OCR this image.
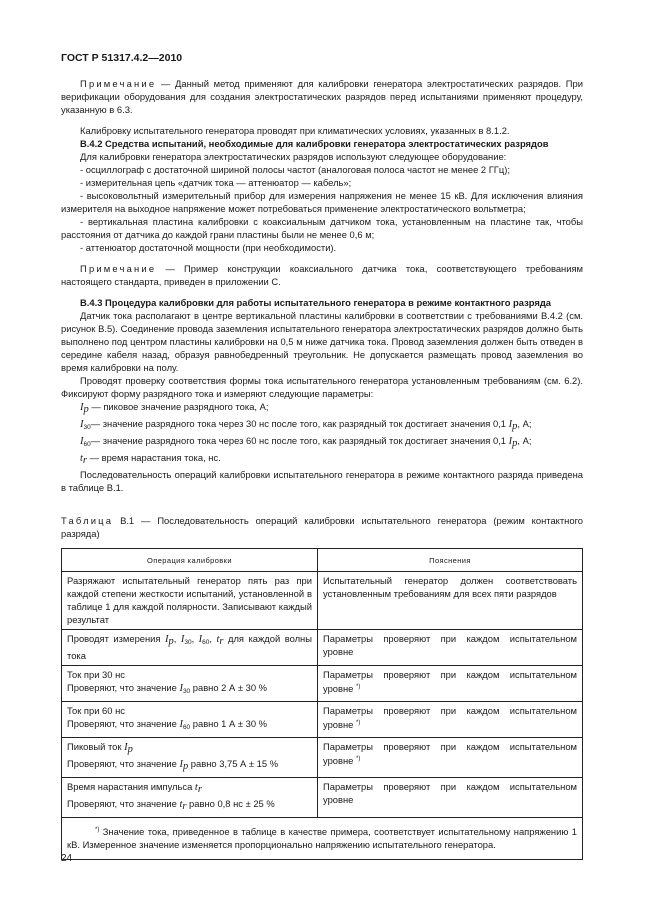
ГОСТ Р 51317.4.2—2010

Примечание — Данный метод применяют для калибровки генератора электростатических разрядов. При верификации оборудования для создания электростатических разрядов перед испытаниями применяют процедуру, указанную в 6.3.

Калибровку испытательного генератора проводят при климатических условиях, указанных в 8.1.2.

В.4.2 Средства испытаний, необходимые для калибровки генератора электростатических разрядов

Для калибровки генератора электростатических разрядов используют следующее оборудование:

- осциллограф с достаточной шириной полосы частот (аналоговая полоса частот не менее 2 ГГц);

- измерительная цепь «датчик тока — аттенюатор — кабель»;

- высоковольтный измерительный прибор для измерения напряжения не менее 15 кВ. Для исключения влияния измерителя на выходное напряжение может потребоваться применение электростатического вольтметра;

- вертикальная пластина калибровки с коаксиальным датчиком тока, установленным на пластине так, чтобы расстояния от датчика до каждой грани пластины были не менее 0,6 м;

- аттенюатор достаточной мощности (при необходимости).

Примечание — Пример конструкции коаксиального датчика тока, соответствующего требованиям настоящего стандарта, приведен в приложении С.

В.4.3 Процедура калибровки для работы испытательного генератора в режиме контактного разряда

Датчик тока располагают в центре вертикальной пластины калибровки в соответствии с требованиями В.4.2 (см. рисунок В.5). Соединение провода заземления испытательного генератора электростатических разрядов должно быть выполнено под центром пластины калибровки на 0,5 м ниже датчика тока. Провод заземления должен быть отведен в середине кабеля назад, образуя равнобедренный треугольник. Не допускается размещать провод заземления во время калибровки на полу.

Проводят проверку соответствия формы тока испытательного генератора установленным требованиям (см. 6.2). Фиксируют форму разрядного тока и измеряют следующие параметры:

$I_p$ — пиковое значение разрядного тока, А;

$I_{30}—$ значение разрядного тока через 30 нс после того, как разрядный ток достигает значения 0,1 $I_p$, А;

$I_{60}—$ значение разрядного тока через 60 нс после того, как разрядный ток достигает значения 0,1 $I_p$, А;

$t_r$ — время нарастания тока, нс.

Последовательность операций калибровки испытательного генератора в режиме контактного разряда приведена в таблице В.1.

Таблица В.1 — Последовательность операций калибровки испытательного генератора (режим контактного разряда)

Операция калибровки	Пояснения
Разряжают испытательный генератор пять раз при каждой степени жесткости испытаний, установленной в таблице 1 для каждой полярности. Записывают каждый результат	Испытательный генератор должен соответствовать установленным требованиям для всех пяти разрядов
Проводят измерения $I_p$, $I_{30}$, $I_{60}$, $t_r$ для каждой волны тока	Параметры проверяют при каждом испытательном уровне
Ток при 30 нс
Проверяют, что значение $I_{30}$ равно 2 А ± 30 %	Параметры проверяют при каждом испытательном уровне *)
Ток при 60 нс
Проверяют, что значение $I_{60}$ равно 1 А ± 30 %	Параметры проверяют при каждом испытательном уровне *)
Пиковый ток $I_p$
Проверяют, что значение $I_p$ равно 3,75 А ± 15 %	Параметры проверяют при каждом испытательном уровне *)
Время нарастания импульса $t_r$
Проверяют, что значение $t_r$ равно 0,8 нс ± 25 %	Параметры проверяют при каждом испытательном уровне
*) Значение тока, приведенное в таблице в качестве примера, соответствует испытательному напряжению 1 кВ. Измеренное значение изменяется пропорционально напряжению испытательного генератора.	
24
